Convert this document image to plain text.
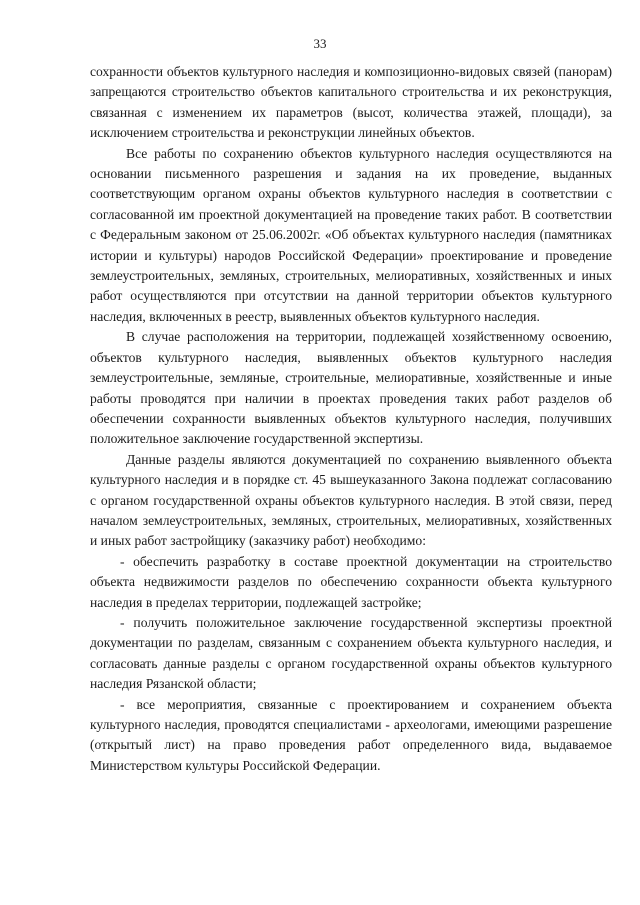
33

сохранности объектов культурного наследия и композиционно-видовых связей (панорам) запрещаются строительство объектов капитального строительства и их реконструкция, связанная с изменением их параметров (высот, количества этажей, площади), за исключением строительства и реконструкции линейных объектов.

Все работы по сохранению объектов культурного наследия осуществляются на основании письменного разрешения и задания на их проведение, выданных соответствующим органом охраны объектов культурного наследия в соответствии с согласованной им проектной документацией на проведение таких работ. В соответствии с Федеральным законом от 25.06.2002г. «Об объектах культурного наследия (памятниках истории и культуры) народов Российской Федерации» проектирование и проведение землеустроительных, земляных, строительных, мелиоративных, хозяйственных и иных работ осуществляются при отсутствии на данной территории объектов культурного наследия, включенных в реестр, выявленных объектов культурного наследия.

В случае расположения на территории, подлежащей хозяйственному освоению, объектов культурного наследия, выявленных объектов культурного наследия землеустроительные, земляные, строительные, мелиоративные, хозяйственные и иные работы проводятся при наличии в проектах проведения таких работ разделов об обеспечении сохранности выявленных объектов культурного наследия, получивших положительное заключение государственной экспертизы.

Данные разделы являются документацией по сохранению выявленного объекта культурного наследия и в порядке ст. 45 вышеуказанного Закона подлежат согласованию с органом государственной охраны объектов культурного наследия. В этой связи, перед началом землеустроительных, земляных, строительных, мелиоративных, хозяйственных и иных работ застройщику (заказчику работ) необходимо:

- обеспечить разработку в составе проектной документации на строительство объекта недвижимости разделов по обеспечению сохранности объекта культурного наследия в пределах территории, подлежащей застройке;

- получить положительное заключение государственной экспертизы проектной документации по разделам, связанным с сохранением объекта культурного наследия, и согласовать данные разделы с органом государственной охраны объектов культурного наследия Рязанской области;

- все мероприятия, связанные с проектированием и сохранением объекта культурного наследия, проводятся специалистами - археологами, имеющими разрешение (открытый лист) на право проведения работ определенного вида, выдаваемое Министерством культуры Российской Федерации.
